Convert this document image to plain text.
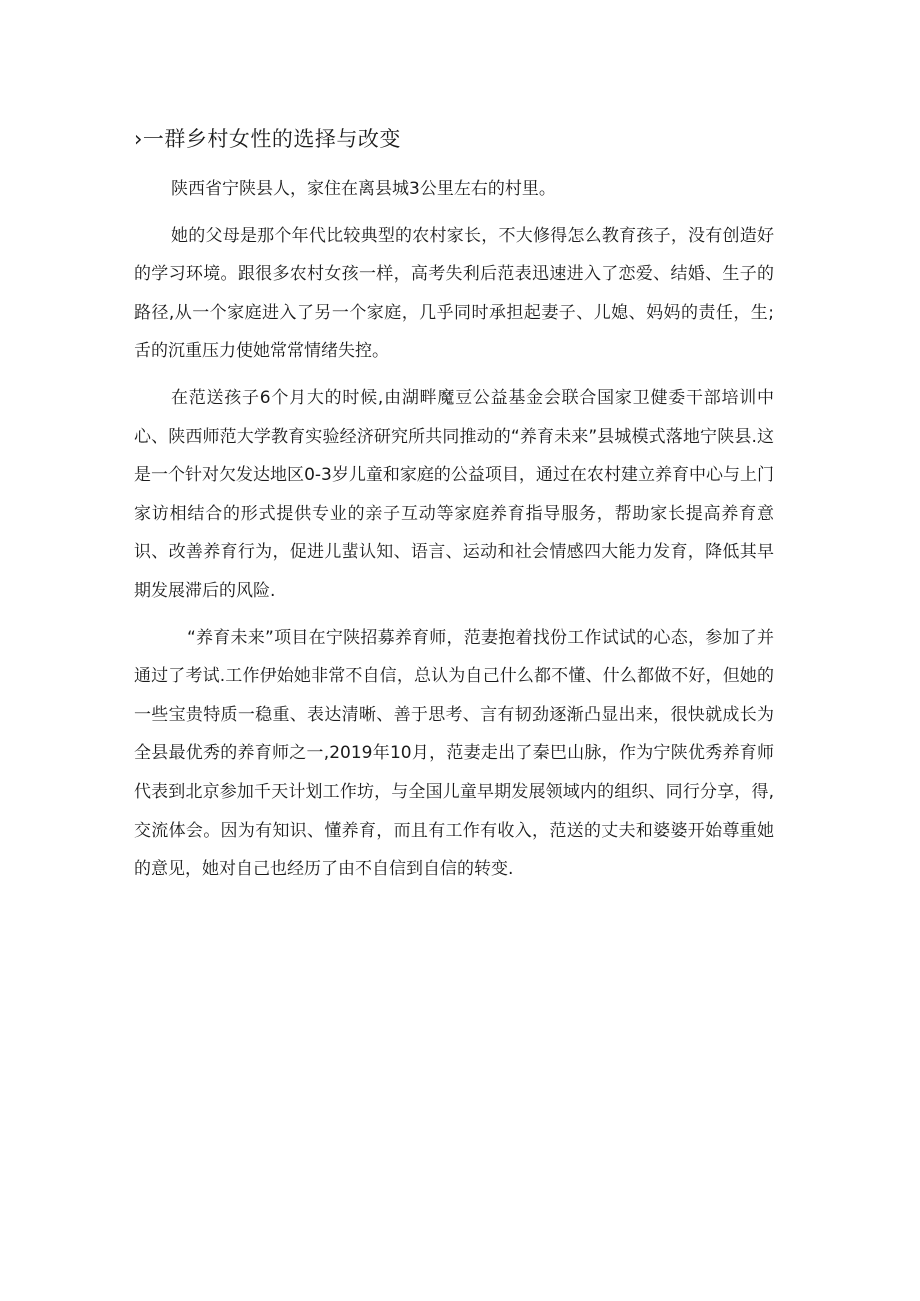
›一群乡村女性的选择与改变

陕西省宁陕县人，家住在离县城3公里左右的村里。

她的父母是那个年代比较典型的农村家长，不大修得怎么教育孩子，没有创造好的学习环境。跟很多农村女孩一样，高考失利后范表迅速进入了恋爱、结婚、生子的路径,从一个家庭进入了另一个家庭，几乎同时承担起妻子、儿媳、妈妈的责任，生;舌的沉重压力使她常常情绪失控。

在范送孩子6个月大的时候,由湖畔魔豆公益基金会联合国家卫健委干部培训中心、陕西师范大学教育实验经济研究所共同推动的“养育未来”县城模式落地宁陕县.这是一个针对欠发达地区0-3岁儿童和家庭的公益项目，通过在农村建立养育中心与上门家访相结合的形式提供专业的亲子互动等家庭养育指导服务，帮助家长提高养育意识、改善养育行为，促进儿蜚认知、语言、运动和社会情感四大能力发育，降低其早期发展滞后的风险.

“养育未来”项目在宁陕招募养育师，范妻抱着找份工作试试的心态，参加了并通过了考试.工作伊始她非常不自信，总认为自己什么都不懂、什么都做不好，但她的一些宝贵特质一稳重、表达清晰、善于思考、言有韧劲逐渐凸显出来，很快就成长为全县最优秀的养育师之一,2019年10月，范妻走出了秦巴山脉，作为宁陕优秀养育师代表到北京参加千天计划工作坊，与全国儿童早期发展领域内的组织、同行分享，得,交流体会。因为有知识、懂养育，而且有工作有收入，范送的丈夫和婆婆开始尊重她的意见，她对自己也经历了由不自信到自信的转变.
